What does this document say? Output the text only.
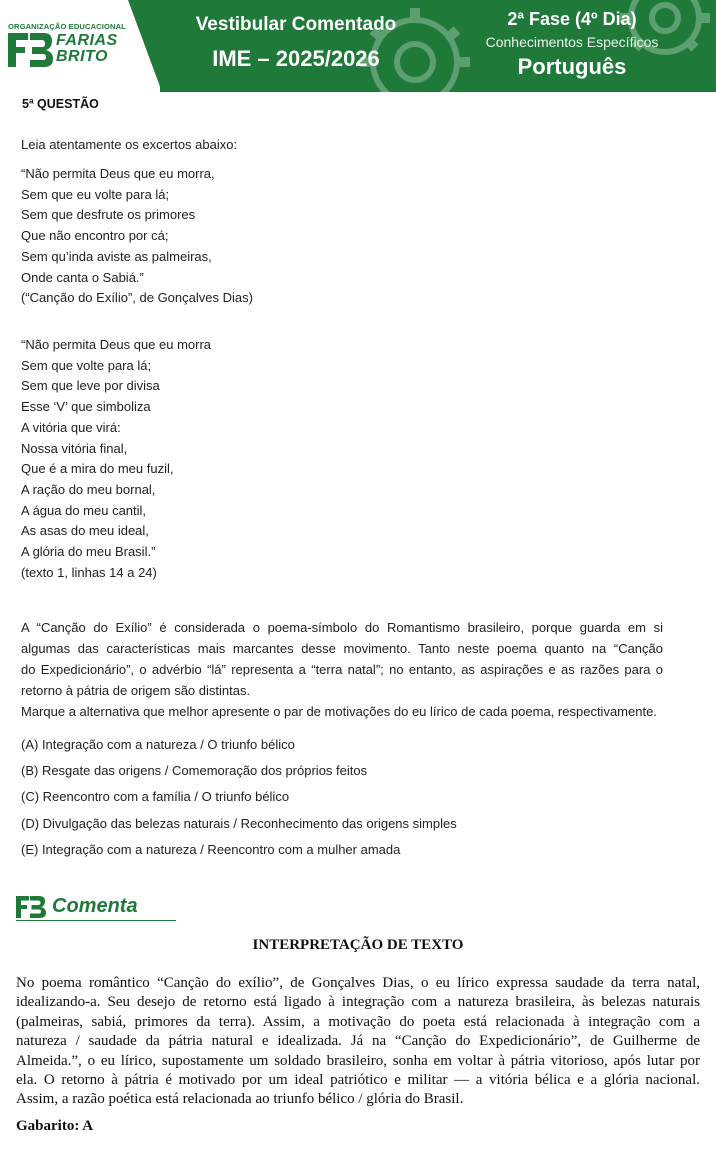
ORGANIZAÇÃO EDUCACIONAL
FARIAS
BRITO
Vestibular Comentado
IME – 2025/2026
2ª Fase (4º Dia)
Conhecimentos Específicos
Português
5ª QUESTÃO
Leia atentamente os excertos abaixo:
“Não permita Deus que eu morra,
Sem que eu volte para lá;
Sem que desfrute os primores
Que não encontro por cá;
Sem qu’inda aviste as palmeiras,
Onde canta o Sabiá.”
(“Canção do Exílio”, de Gonçalves Dias)
“Não permita Deus que eu morra
Sem que volte para lá;
Sem que leve por divisa
Esse ‘V’ que simboliza
A vitória que virá:
Nossa vitória final,
Que é a mira do meu fuzil,
A ração do meu bornal,
A água do meu cantil,
As asas do meu ideal,
A glória do meu Brasil.”
(texto 1, linhas 14 a 24)
A “Canção do Exílio” é considerada o poema-símbolo do Romantismo brasileiro, porque guarda em si
algumas das características mais marcantes desse movimento. Tanto neste poema quanto na “Canção
do Expedicionário”, o advérbio “lá” representa a “terra natal”; no entanto, as aspirações e as razões para o
retorno à pátria de origem são distintas.
Marque a alternativa que melhor apresente o par de motivações do eu lírico de cada poema, respectivamente.
(A) Integração com a natureza / O triunfo bélico
(B) Resgate das origens / Comemoração dos próprios feitos
(C) Reencontro com a família / O triunfo bélico
(D) Divulgação das belezas naturais / Reconhecimento das origens simples
(E) Integração com a natureza / Reencontro com a mulher amada
Comenta
INTERPRETAÇÃO DE TEXTO
No poema romântico “Canção do exílio”, de Gonçalves Dias, o eu lírico expressa saudade da terra natal,
idealizando-a. Seu desejo de retorno está ligado à integração com a natureza brasileira, às belezas naturais
(palmeiras, sabiá, primores da terra). Assim, a motivação do poeta está relacionada à integração com a
natureza / saudade da pátria natural e idealizada. Já na “Canção do Expedicionário”, de Guilherme de
Almeida.”, o eu lírico, supostamente um soldado brasileiro, sonha em voltar à pátria vitorioso, após lutar por
ela. O retorno à pátria é motivado por um ideal patriótico e militar — a vitória bélica e a glória nacional.
Assim, a razão poética está relacionada ao triunfo bélico / glória do Brasil.
Gabarito: A
